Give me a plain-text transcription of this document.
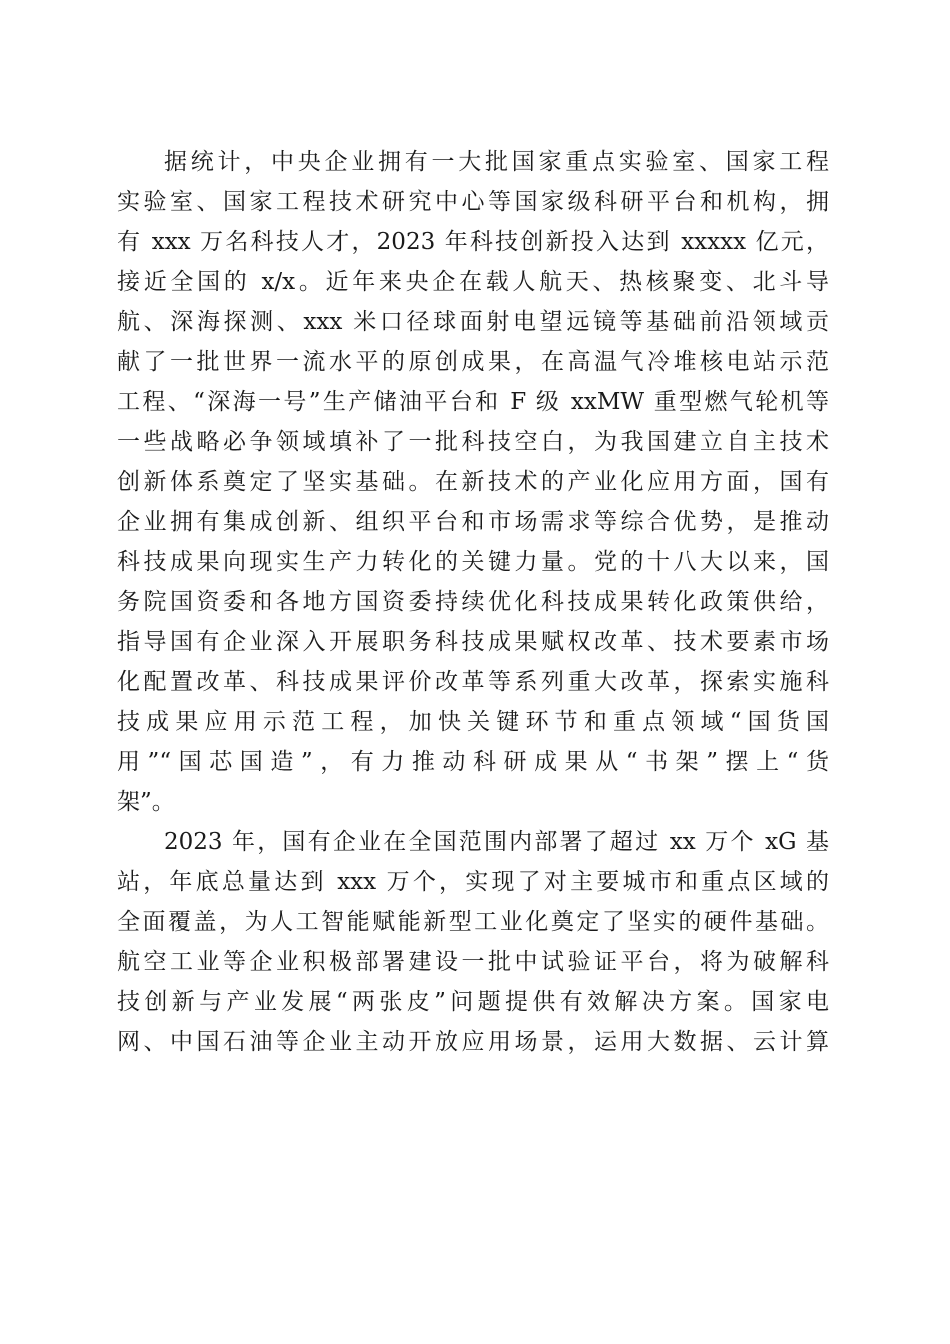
据统计，中央企业拥有一大批国家重点实验室、国家工程
实验室、国家工程技术研究中心等国家级科研平台和机构，拥
有 xxx 万名科技人才，2023 年科技创新投入达到 xxxxx 亿元，
接近全国的 x/x。近年来央企在载人航天、热核聚变、北斗导
航、深海探测、xxx 米口径球面射电望远镜等基础前沿领域贡
献了一批世界一流水平的原创成果，在高温气冷堆核电站示范
工程、“深海一号”生产储油平台和 F 级 xxMW 重型燃气轮机等
一些战略必争领域填补了一批科技空白，为我国建立自主技术
创新体系奠定了坚实基础。在新技术的产业化应用方面，国有
企业拥有集成创新、组织平台和市场需求等综合优势，是推动
科技成果向现实生产力转化的关键力量。党的十八大以来，国
务院国资委和各地方国资委持续优化科技成果转化政策供给，
指导国有企业深入开展职务科技成果赋权改革、技术要素市场
化配置改革、科技成果评价改革等系列重大改革，探索实施科
技成果应用示范工程，加快关键环节和重点领域“国货国
用”“国芯国造”，有力推动科研成果从“书架”摆上“货
架”。
2023 年，国有企业在全国范围内部署了超过 xx 万个 xG 基
站，年底总量达到 xxx 万个，实现了对主要城市和重点区域的
全面覆盖，为人工智能赋能新型工业化奠定了坚实的硬件基础。
航空工业等企业积极部署建设一批中试验证平台，将为破解科
技创新与产业发展“两张皮”问题提供有效解决方案。国家电
网、中国石油等企业主动开放应用场景，运用大数据、云计算
